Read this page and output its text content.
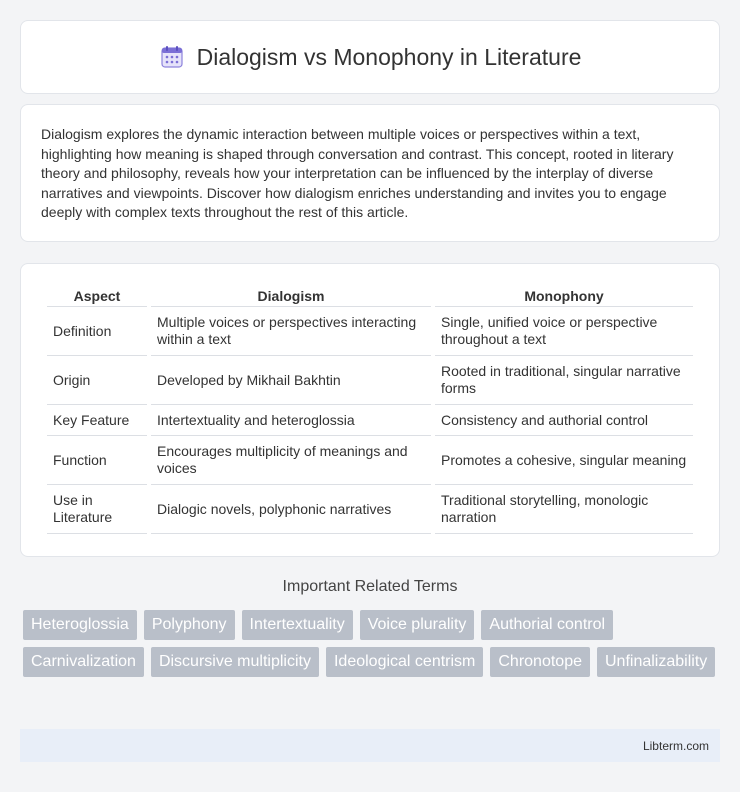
Dialogism vs Monophony in Literature

Dialogism explores the dynamic interaction between multiple voices or perspectives within a text, highlighting how meaning is shaped through conversation and contrast. This concept, rooted in literary theory and philosophy, reveals how your interpretation can be influenced by the interplay of diverse narratives and viewpoints. Discover how dialogism enriches understanding and invites you to engage deeply with complex texts throughout the rest of this article.

Aspect	Dialogism	Monophony
Definition	Multiple voices or perspectives interacting within a text	Single, unified voice or perspective throughout a text
Origin	Developed by Mikhail Bakhtin	Rooted in traditional, singular narrative forms
Key Feature	Intertextuality and heteroglossia	Consistency and authorial control
Function	Encourages multiplicity of meanings and voices	Promotes a cohesive, singular meaning
Use in Literature	Dialogic novels, polyphonic narratives	Traditional storytelling, monologic narration
Important Related Terms
Heteroglossia	Polyphony	Intertextuality	Voice plurality	Authorial control
Carnivalization	Discursive multiplicity	Ideological centrism	Chronotope	Unfinalizability
Libterm.com
